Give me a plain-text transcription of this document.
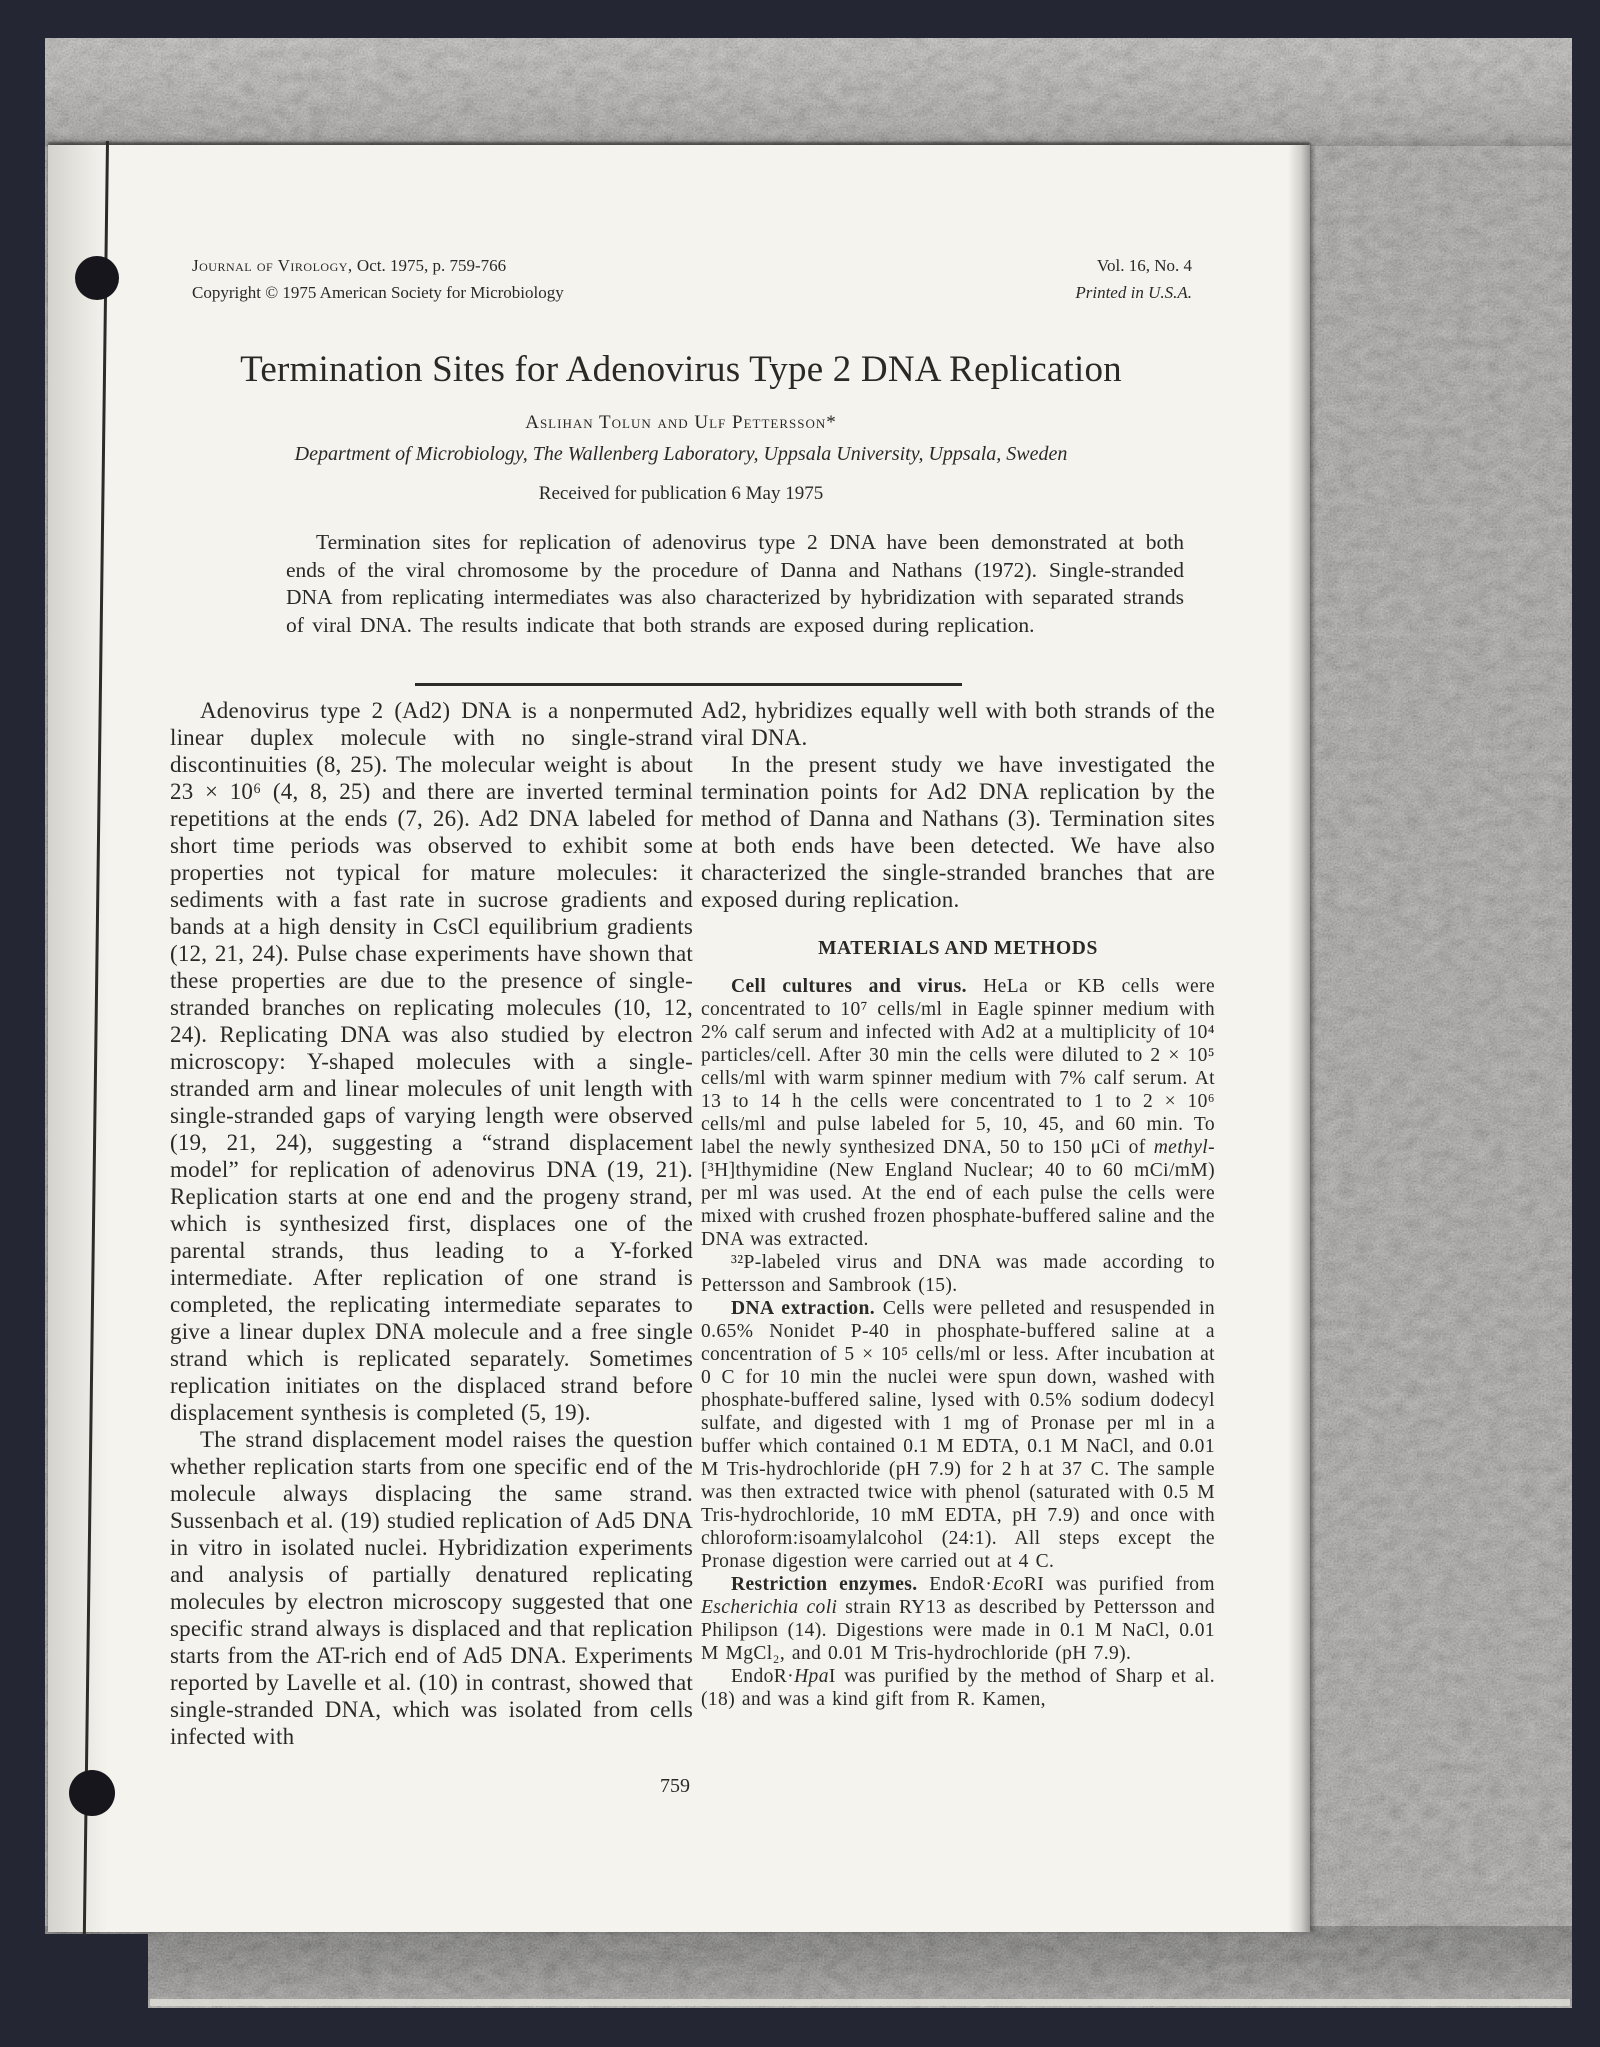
Journal of Virology, Oct. 1975, p. 759-766
Copyright © 1975 American Society for Microbiology
Vol. 16, No. 4
Printed in U.S.A.
Termination Sites for Adenovirus Type 2 DNA Replication
Aslihan Tolun and Ulf Pettersson*
Department of Microbiology, The Wallenberg Laboratory, Uppsala University, Uppsala, Sweden
Received for publication 6 May 1975
Termination sites for replication of adenovirus type 2 DNA have been demonstrated at both ends of the viral chromosome by the procedure of Danna and Nathans (1972). Single-stranded DNA from replicating intermediates was also characterized by hybridization with separated strands of viral DNA. The results indicate that both strands are exposed during replication.

Adenovirus type 2 (Ad2) DNA is a nonpermuted linear duplex molecule with no single-strand discontinuities (8, 25). The molecular weight is about 23 × 10⁶ (4, 8, 25) and there are inverted terminal repetitions at the ends (7, 26). Ad2 DNA labeled for short time periods was observed to exhibit some properties not typical for mature molecules: it sediments with a fast rate in sucrose gradients and bands at a high density in CsCl equilibrium gradients (12, 21, 24). Pulse chase experiments have shown that these properties are due to the presence of single-stranded branches on replicating molecules (10, 12, 24). Replicating DNA was also studied by electron microscopy: Y-shaped molecules with a single-stranded arm and linear molecules of unit length with single-stranded gaps of varying length were observed (19, 21, 24), suggesting a “strand displacement model” for replication of adenovirus DNA (19, 21). Replication starts at one end and the progeny strand, which is synthesized first, displaces one of the parental strands, thus leading to a Y-forked intermediate. After replication of one strand is completed, the replicating intermediate separates to give a linear duplex DNA molecule and a free single strand which is replicated separately. Sometimes replication initiates on the displaced strand before displacement synthesis is completed (5, 19).

The strand displacement model raises the question whether replication starts from one specific end of the molecule always displacing the same strand. Sussenbach et al. (19) studied replication of Ad5 DNA in vitro in isolated nuclei. Hybridization experiments and analysis of partially denatured replicating molecules by electron microscopy suggested that one specific strand always is displaced and that replication starts from the AT-rich end of Ad5 DNA. Experiments reported by Lavelle et al. (10) in contrast, showed that single-stranded DNA, which was isolated from cells infected with

Ad2, hybridizes equally well with both strands of the viral DNA.

In the present study we have investigated the termination points for Ad2 DNA replication by the method of Danna and Nathans (3). Termination sites at both ends have been detected. We have also characterized the single-stranded branches that are exposed during replication.

MATERIALS AND METHODS

Cell cultures and virus. HeLa or KB cells were concentrated to 10⁷ cells/ml in Eagle spinner medium with 2% calf serum and infected with Ad2 at a multiplicity of 10⁴ particles/cell. After 30 min the cells were diluted to 2 × 10⁵ cells/ml with warm spinner medium with 7% calf serum. At 13 to 14 h the cells were concentrated to 1 to 2 × 10⁶ cells/ml and pulse labeled for 5, 10, 45, and 60 min. To label the newly synthesized DNA, 50 to 150 μCi of methyl-[³H]thymidine (New England Nuclear; 40 to 60 mCi/mM) per ml was used. At the end of each pulse the cells were mixed with crushed frozen phosphate-buffered saline and the DNA was extracted.

³²P-labeled virus and DNA was made according to Pettersson and Sambrook (15).

DNA extraction. Cells were pelleted and resuspended in 0.65% Nonidet P-40 in phosphate-buffered saline at a concentration of 5 × 10⁵ cells/ml or less. After incubation at 0 C for 10 min the nuclei were spun down, washed with phosphate-buffered saline, lysed with 0.5% sodium dodecyl sulfate, and digested with 1 mg of Pronase per ml in a buffer which contained 0.1 M EDTA, 0.1 M NaCl, and 0.01 M Tris-hydrochloride (pH 7.9) for 2 h at 37 C. The sample was then extracted twice with phenol (saturated with 0.5 M Tris-hydrochloride, 10 mM EDTA, pH 7.9) and once with chloroform:isoamylalcohol (24:1). All steps except the Pronase digestion were carried out at 4 C.

Restriction enzymes. EndoR·EcoRI was purified from Escherichia coli strain RY13 as described by Pettersson and Philipson (14). Digestions were made in 0.1 M NaCl, 0.01 M MgCl₂, and 0.01 M Tris-hydrochloride (pH 7.9).

EndoR·HpaI was purified by the method of Sharp et al. (18) and was a kind gift from R. Kamen,

759
